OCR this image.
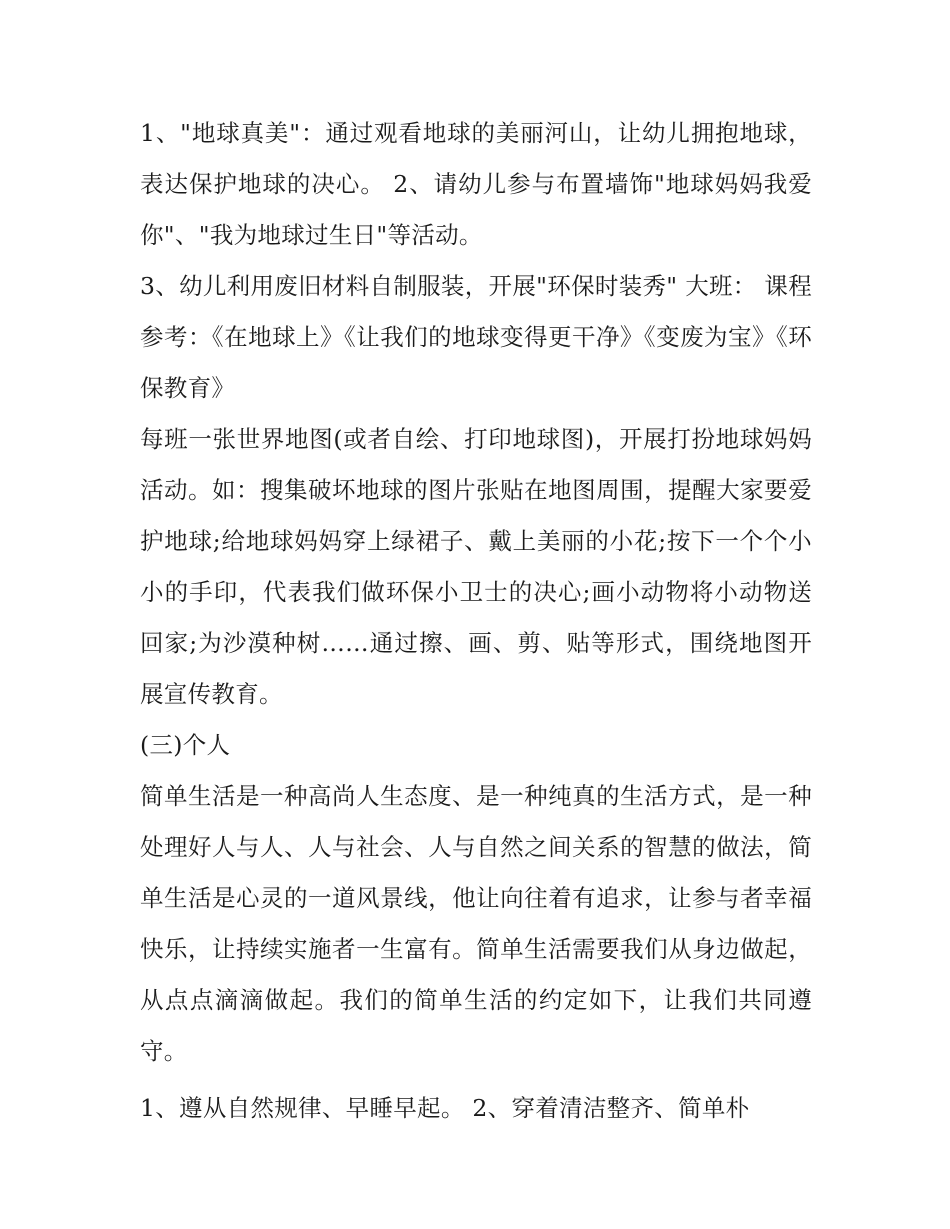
1、"地球真美"：通过观看地球的美丽河山，让幼儿拥抱地球，表达保护地球的决心。 2、请幼儿参与布置墙饰"地球妈妈我爱你"、"我为地球过生日"等活动。

3、幼儿利用废旧材料自制服装，开展"环保时装秀" 大班： 课程参考：《在地球上》《让我们的地球变得更干净》《变废为宝》《环保教育》

每班一张世界地图(或者自绘、打印地球图)，开展打扮地球妈妈活动。如：搜集破坏地球的图片张贴在地图周围，提醒大家要爱护地球;给地球妈妈穿上绿裙子、戴上美丽的小花;按下一个个小小的手印，代表我们做环保小卫士的决心;画小动物将小动物送回家;为沙漠种树……通过擦、画、剪、贴等形式，围绕地图开展宣传教育。

(三)个人

简单生活是一种高尚人生态度、是一种纯真的生活方式，是一种处理好人与人、人与社会、人与自然之间关系的智慧的做法，简单生活是心灵的一道风景线，他让向往着有追求，让参与者幸福快乐，让持续实施者一生富有。简单生活需要我们从身边做起，从点点滴滴做起。我们的简单生活的约定如下，让我们共同遵守。

1、遵从自然规律、早睡早起。 2、穿着清洁整齐、简单朴
